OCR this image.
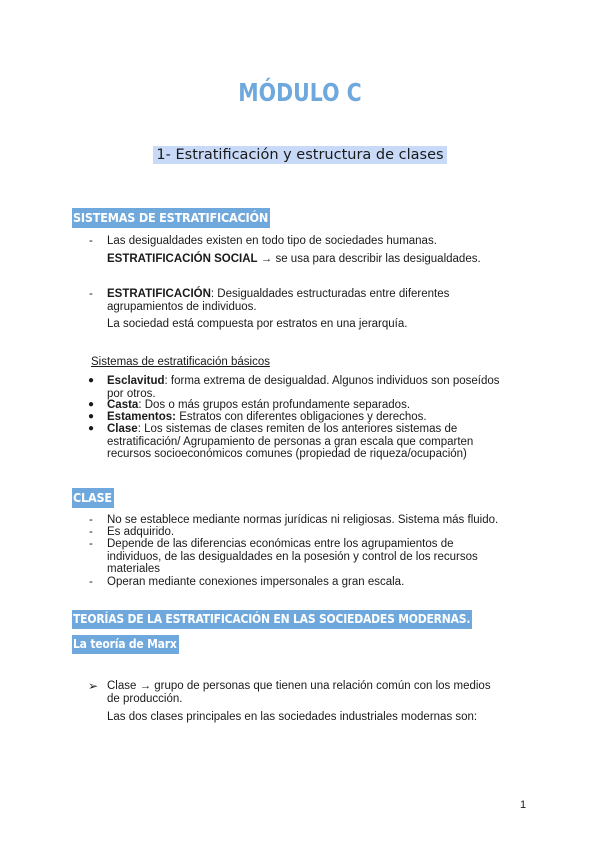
MÓDULO C
1- Estratificación y estructura de clases
SISTEMAS DE ESTRATIFICACIÓN
- Las desigualdades existen en todo tipo de sociedades humanas.
ESTRATIFICACIÓN SOCIAL → se usa para describir las desigualdades.
- ESTRATIFICACIÓN: Desigualdades estructuradas entre diferentes
agrupamientos de individuos.
La sociedad está compuesta por estratos en una jerarquía.
Sistemas de estratificación básicos
● Esclavitud: forma extrema de desigualdad. Algunos individuos son poseídos
por otros.
● Casta: Dos o más grupos están profundamente separados.
● Estamentos: Estratos con diferentes obligaciones y derechos.
● Clase: Los sistemas de clases remiten de los anteriores sistemas de
estratificación/ Agrupamiento de personas a gran escala que comparten
recursos socioeconómicos comunes (propiedad de riqueza/ocupación)
CLASE
- No se establece mediante normas jurídicas ni religiosas. Sistema más fluido.
- Es adquirido.
- Depende de las diferencias económicas entre los agrupamientos de
individuos, de las desigualdades en la posesión y control de los recursos
materiales
- Operan mediante conexiones impersonales a gran escala.
TEORÍAS DE LA ESTRATIFICACIÓN EN LAS SOCIEDADES MODERNAS.
La teoría de Marx
➢ Clase → grupo de personas que tienen una relación común con los medios
de producción.
Las dos clases principales en las sociedades industriales modernas son:
1
